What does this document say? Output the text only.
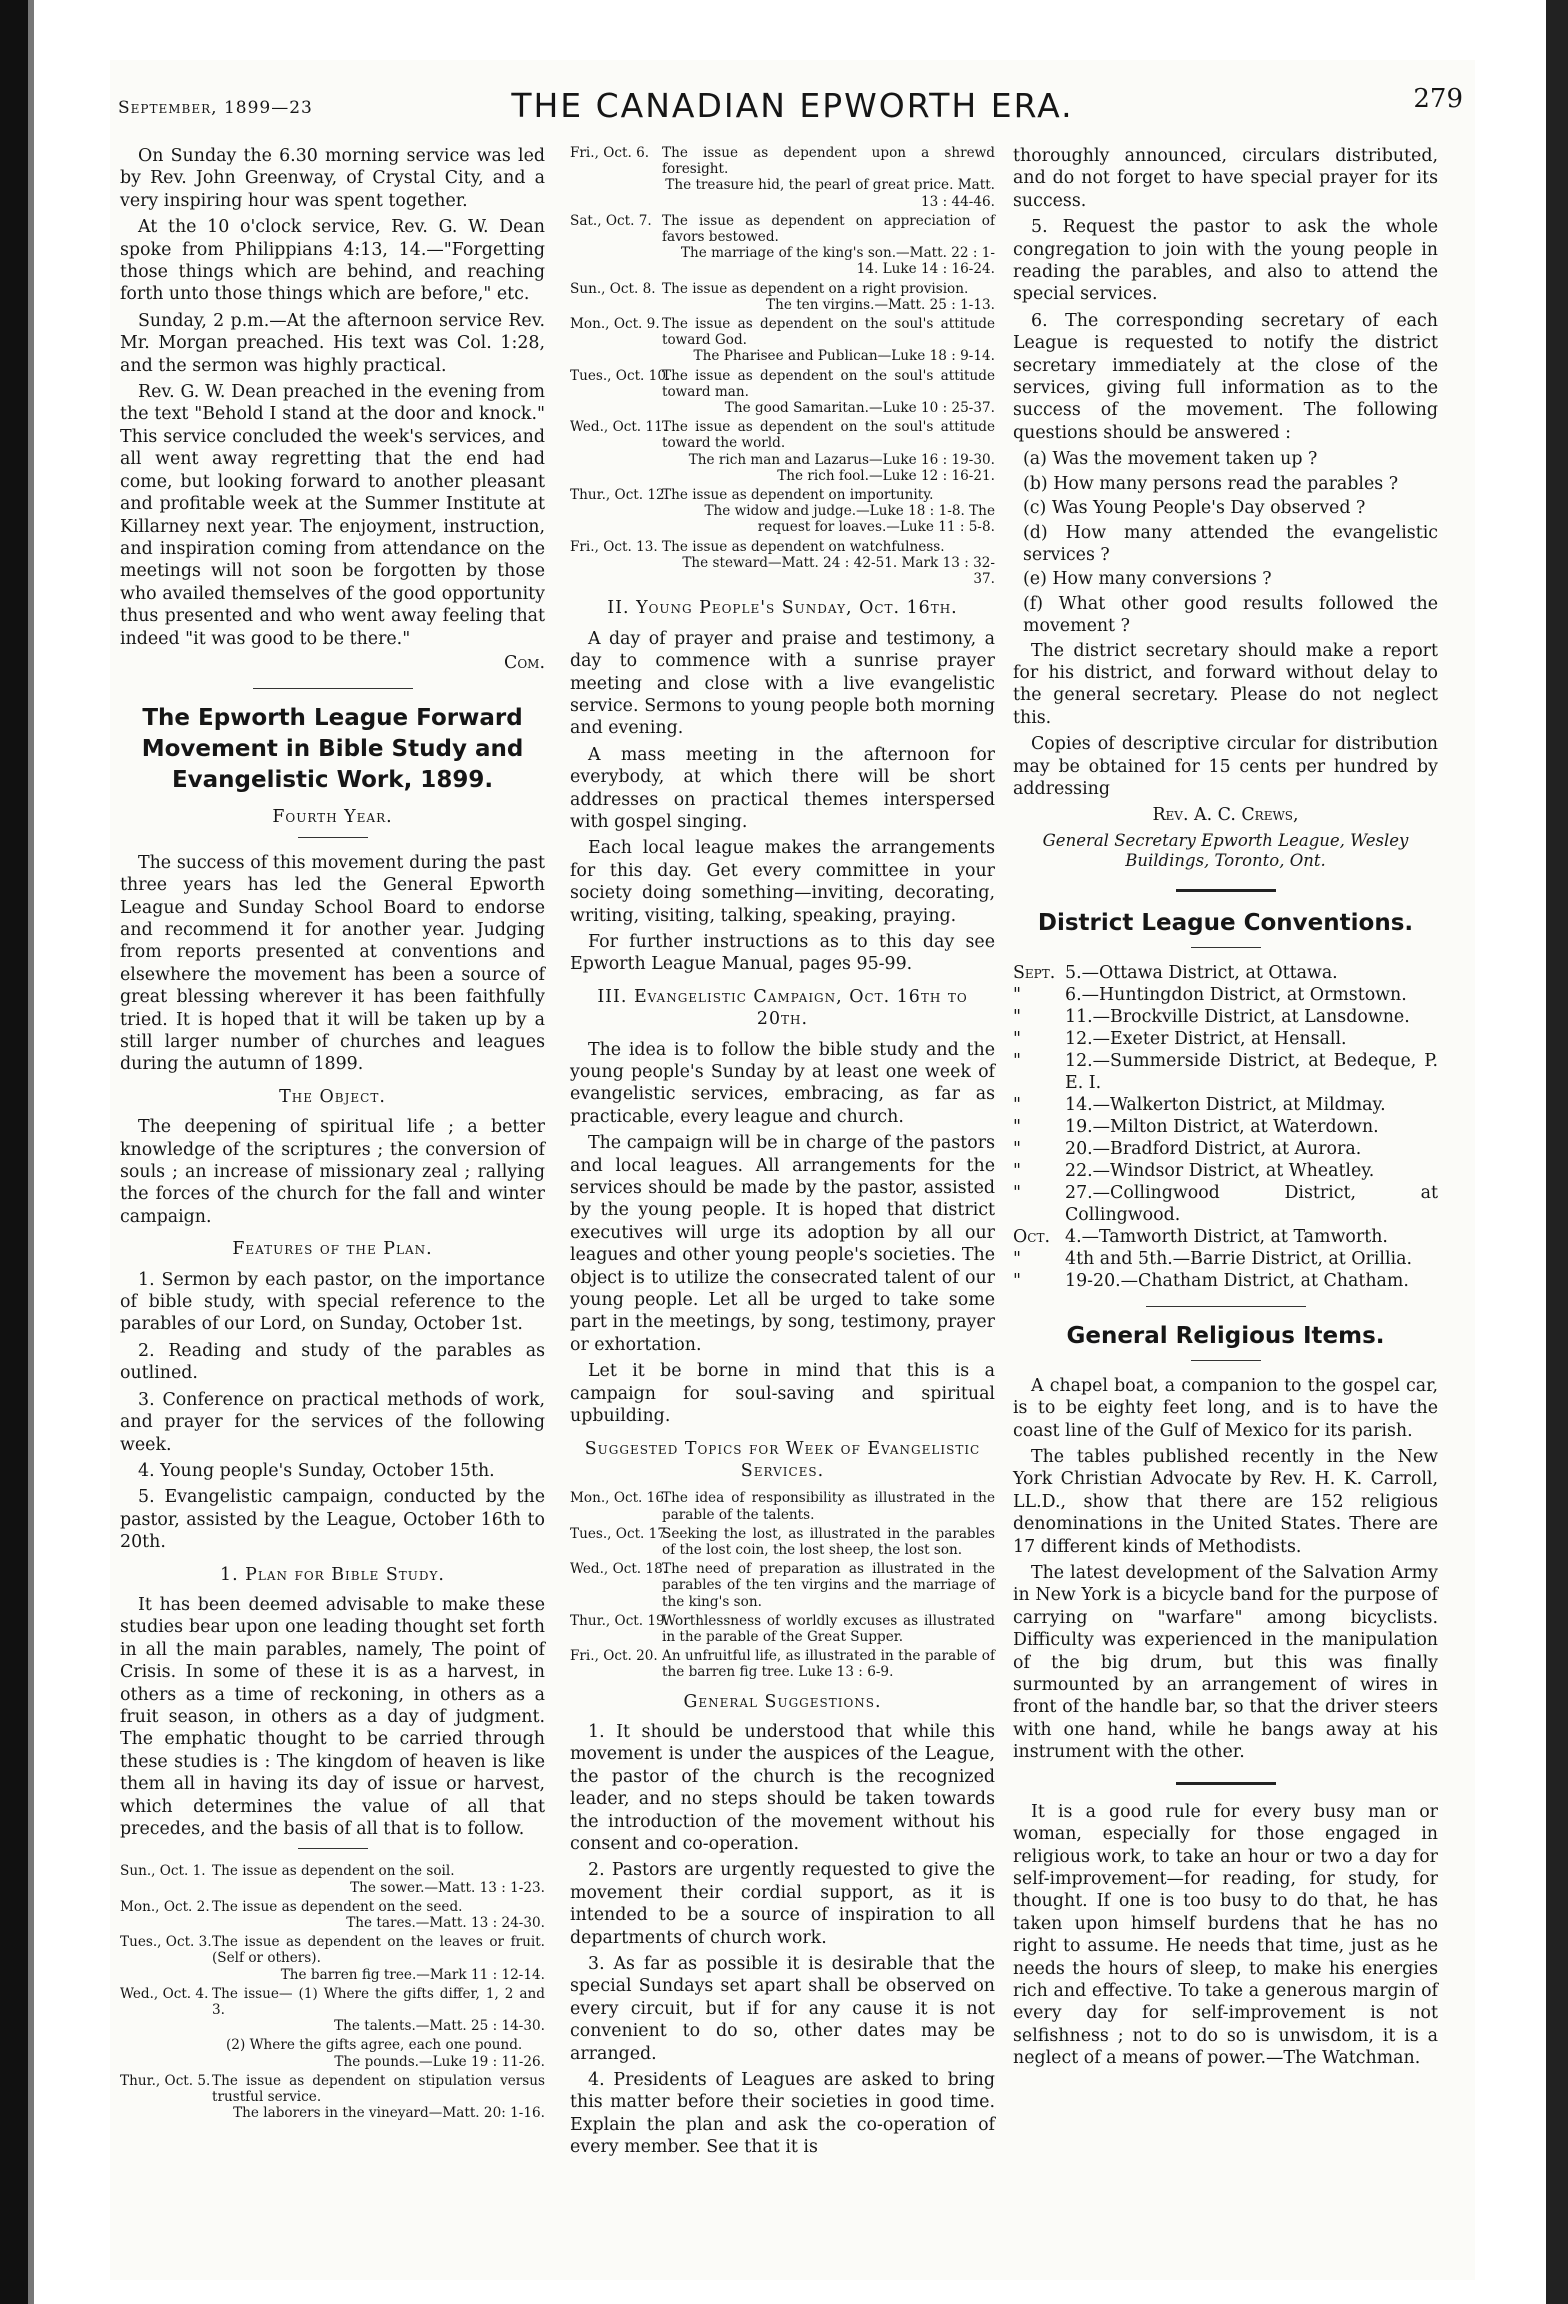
September, 1899—23	THE CANADIAN EPWORTH ERA.	279

On Sunday the 6.30 morning service was led by Rev. John Greenway, of Crystal City, and a very inspiring hour was spent together.

At the 10 o'clock service, Rev. G. W. Dean spoke from Philippians 4:13, 14.—"Forgetting those things which are behind, and reaching forth unto those things which are before," etc.

Sunday, 2 p.m.—At the afternoon service Rev. Mr. Morgan preached. His text was Col. 1:28, and the sermon was highly practical.

Rev. G. W. Dean preached in the evening from the text "Behold I stand at the door and knock." This service concluded the week's services, and all went away regretting that the end had come, but looking forward to another pleasant and profitable week at the Summer Institute at Killarney next year. The enjoyment, instruction, and inspiration coming from attendance on the meetings will not soon be forgotten by those who availed themselves of the good opportunity thus presented and who went away feeling that indeed "it was good to be there."

Com.

The Epworth League Forward Movement in Bible Study and Evangelistic Work, 1899.
Fourth Year.

The success of this movement during the past three years has led the General Epworth League and Sunday School Board to endorse and recommend it for another year. Judging from reports presented at conventions and elsewhere the movement has been a source of great blessing wherever it has been faithfully tried. It is hoped that it will be taken up by a still larger number of churches and leagues during the autumn of 1899.

The Object.

The deepening of spiritual life ; a better knowledge of the scriptures ; the conversion of souls ; an increase of missionary zeal ; rallying the forces of the church for the fall and winter campaign.

Features of the Plan.

1. Sermon by each pastor, on the importance of bible study, with special reference to the parables of our Lord, on Sunday, October 1st.

2. Reading and study of the parables as outlined.

3. Conference on practical methods of work, and prayer for the services of the following week.

4. Young people's Sunday, October 15th.

5. Evangelistic campaign, conducted by the pastor, assisted by the League, October 16th to 20th.

1. Plan for Bible Study.

It has been deemed advisable to make these studies bear upon one leading thought set forth in all the main parables, namely, The point of Crisis. In some of these it is as a harvest, in others as a time of reckoning, in others as a fruit season, in others as a day of judgment. The emphatic thought to be carried through these studies is : The kingdom of heaven is like them all in having its day of issue or harvest, which determines the value of all that precedes, and the basis of all that is to follow.

Sun., Oct. 1. The issue as dependent on the soil.
The sower.—Matt. 13 : 1-23.
Mon., Oct. 2. The issue as dependent on the seed.
The tares.—Matt. 13 : 24-30.
Tues., Oct. 3. The issue as dependent on the leaves or fruit. (Self or others).
The barren fig tree.—Mark 11 : 12-14.
Wed., Oct. 4. The issue— (1) Where the gifts differ, 1, 2 and 3.
The talents.—Matt. 25 : 14-30.
(2) Where the gifts agree, each one pound.
The pounds.—Luke 19 : 11-26.
Thur., Oct. 5. The issue as dependent on stipulation versus trustful service.
The laborers in the vineyard—Matt. 20: 1-16.
Fri., Oct. 6. The issue as dependent upon a shrewd foresight.
The treasure hid, the pearl of great price. Matt. 13 : 44-46.
Sat., Oct. 7. The issue as dependent on appreciation of favors bestowed.
The marriage of the king's son.—Matt. 22 : 1-14. Luke 14 : 16-24.
Sun., Oct. 8. The issue as dependent on a right provision.
The ten virgins.—Matt. 25 : 1-13.
Mon., Oct. 9. The issue as dependent on the soul's attitude toward God.
The Pharisee and Publican—Luke 18 : 9-14.
Tues., Oct. 10.
The issue as dependent on the soul's attitude toward man.
The good Samaritan.—Luke 10 : 25-37.
Wed., Oct. 11.
The issue as dependent on the soul's attitude toward the world.
The rich man and Lazarus—Luke 16 : 19-30. The rich fool.—Luke 12 : 16-21.
Thur., Oct. 12.
The issue as dependent on importunity.
The widow and judge.—Luke 18 : 1-8. The request for loaves.—Luke 11 : 5-8.
Fri., Oct. 13. The issue as dependent on watchfulness.
The steward—Matt. 24 : 42-51. Mark 13 : 32-37.
II. Young People's Sunday, Oct. 16th.

A day of prayer and praise and testimony, a day to commence with a sunrise prayer meeting and close with a live evangelistic service. Sermons to young people both morning and evening.

A mass meeting in the afternoon for everybody, at which there will be short addresses on practical themes interspersed with gospel singing.

Each local league makes the arrangements for this day. Get every committee in your society doing something—inviting, decorating, writing, visiting, talking, speaking, praying.

For further instructions as to this day see Epworth League Manual, pages 95-99.

III. Evangelistic Campaign, Oct. 16th to 20th.

The idea is to follow the bible study and the young people's Sunday by at least one week of evangelistic services, embracing, as far as practicable, every league and church.

The campaign will be in charge of the pastors and local leagues. All arrangements for the services should be made by the pastor, assisted by the young people. It is hoped that district executives will urge its adoption by all our leagues and other young people's societies. The object is to utilize the consecrated talent of our young people. Let all be urged to take some part in the meetings, by song, testimony, prayer or exhortation.

Let it be borne in mind that this is a campaign for soul-saving and spiritual upbuilding.

Suggested Topics for Week of Evangelistic Services.
Mon., Oct. 16.
The idea of responsibility as illustrated in the parable of the talents.
Tues., Oct. 17.
Seeking the lost, as illustrated in the parables of the lost coin, the lost sheep, the lost son.
Wed., Oct. 18.
The need of preparation as illustrated in the parables of the ten virgins and the marriage of the king's son.
Thur., Oct. 19.
Worthlessness of worldly excuses as illustrated in the parable of the Great Supper.
Fri., Oct. 20. An unfruitful life, as illustrated in the parable of the barren fig tree. Luke 13 : 6-9.
General Suggestions.

1. It should be understood that while this movement is under the auspices of the League, the pastor of the church is the recognized leader, and no steps should be taken towards the introduction of the movement without his consent and co-operation.

2. Pastors are urgently requested to give the movement their cordial support, as it is intended to be a source of inspiration to all departments of church work.

3. As far as possible it is desirable that the special Sundays set apart shall be observed on every circuit, but if for any cause it is not convenient to do so, other dates may be arranged.

4. Presidents of Leagues are asked to bring this matter before their societies in good time. Explain the plan and ask the co-operation of every member. See that it is

thoroughly announced, circulars distributed, and do not forget to have special prayer for its success.

5. Request the pastor to ask the whole congregation to join with the young people in reading the parables, and also to attend the special services.

6. The corresponding secretary of each League is requested to notify the district secretary immediately at the close of the services, giving full information as to the success of the movement. The following questions should be answered :

(a) Was the movement taken up ?

(b) How many persons read the parables ?

(c) Was Young People's Day observed ?

(d) How many attended the evangelistic services ?

(e) How many conversions ?

(f) What other good results followed the movement ?

The district secretary should make a report for his district, and forward without delay to the general secretary. Please do not neglect this.

Copies of descriptive circular for distribution may be obtained for 15 cents per hundred by addressing

Rev. A. C. Crews,

General Secretary Epworth League, Wesley Buildings, Toronto, Ont.

District League Conventions.
Sept. 5.—Ottawa District, at Ottawa.
"	6.—Huntingdon District, at Ormstown.
"	11.—Brockville District, at Lansdowne.
"	12.—Exeter District, at Hensall.
"	12.—Summerside District, at Bedeque, P. E. I.
"	14.—Walkerton District, at Mildmay.
"	19.—Milton District, at Waterdown.
"	20.—Bradford District, at Aurora.
"	22.—Windsor District, at Wheatley.
"	27.—Collingwood District, at Collingwood.
Oct. 4.—Tamworth District, at Tamworth.
"	4th and 5th.—Barrie District, at Orillia.
"	19-20.—Chatham District, at Chatham.
General Religious Items.

A chapel boat, a companion to the gospel car, is to be eighty feet long, and is to have the coast line of the Gulf of Mexico for its parish.

The tables published recently in the New York Christian Advocate by Rev. H. K. Carroll, LL.D., show that there are 152 religious denominations in the United States. There are 17 different kinds of Methodists.

The latest development of the Salvation Army in New York is a bicycle band for the purpose of carrying on "warfare" among bicyclists. Difficulty was experienced in the manipulation of the big drum, but this was finally surmounted by an arrangement of wires in front of the handle bar, so that the driver steers with one hand, while he bangs away at his instrument with the other.

It is a good rule for every busy man or woman, especially for those engaged in religious work, to take an hour or two a day for self-improvement—for reading, for study, for thought. If one is too busy to do that, he has taken upon himself burdens that he has no right to assume. He needs that time, just as he needs the hours of sleep, to make his energies rich and effective. To take a generous margin of every day for self-improvement is not selfishness ; not to do so is unwisdom, it is a neglect of a means of power.—The Watchman.
